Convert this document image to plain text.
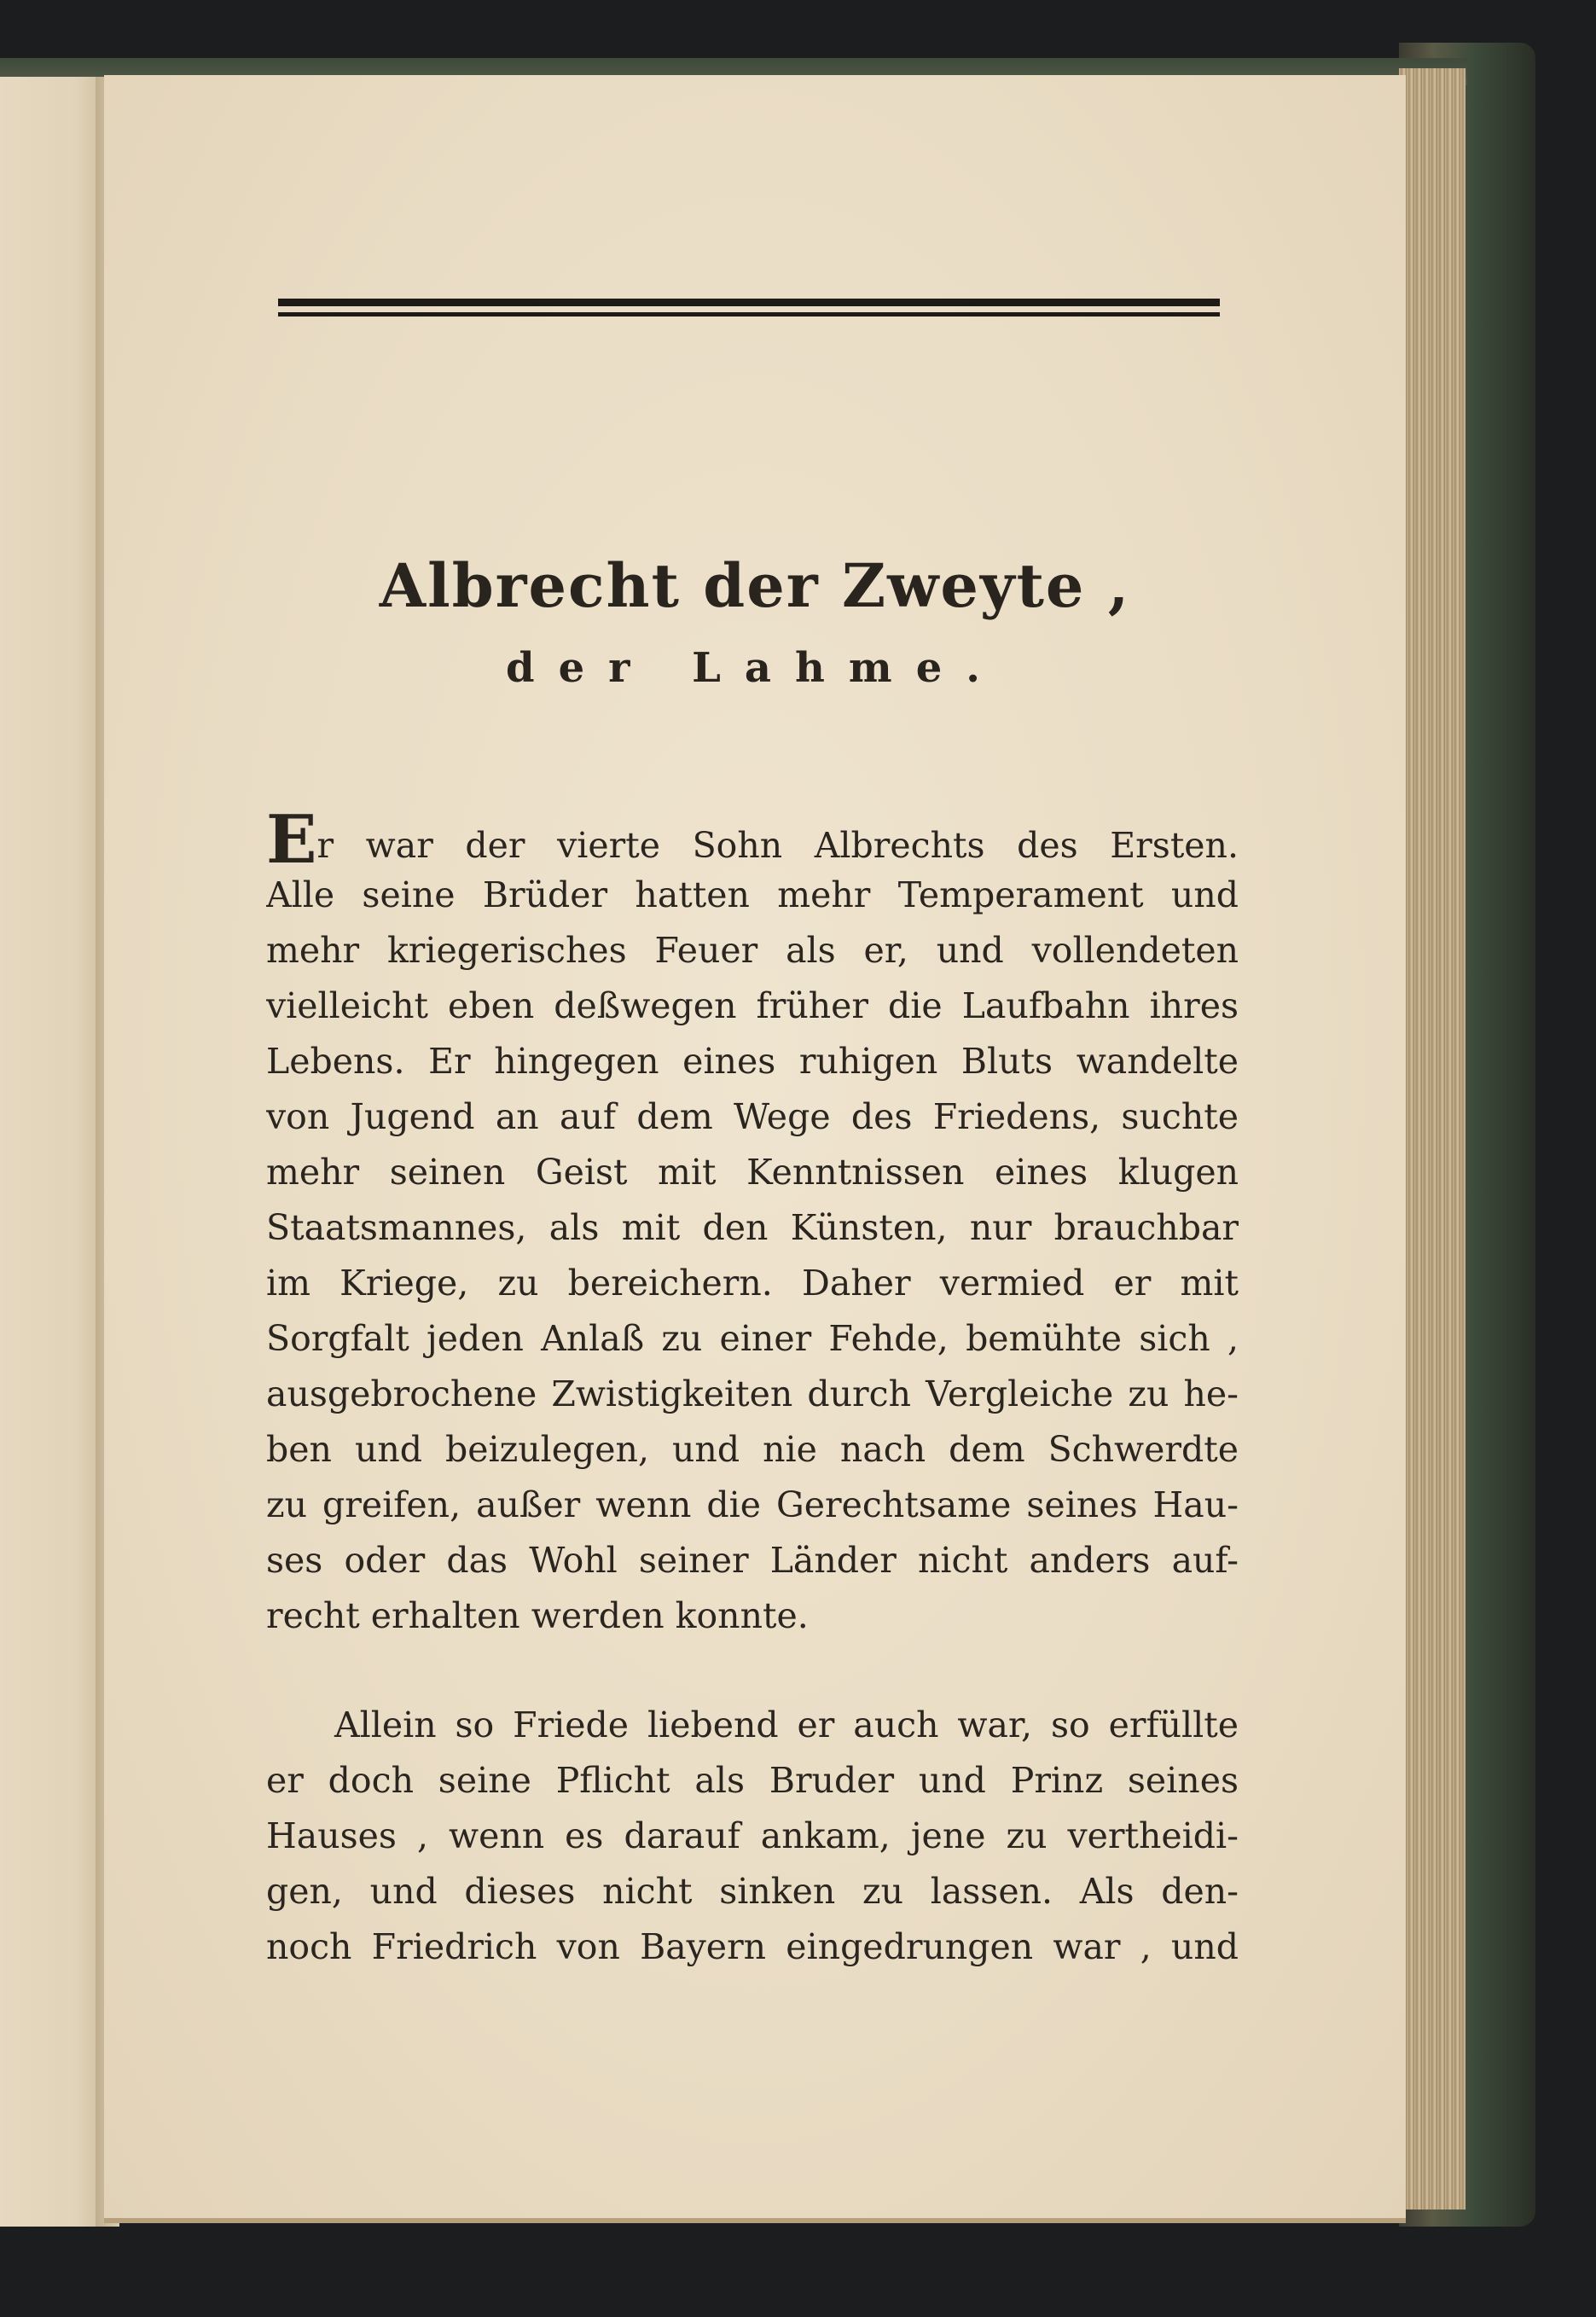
Albrecht der Zweyte ,
der Lahme.
Er war der vierte Sohn Albrechts des Ersten.
Alle seine Brüder hatten mehr Temperament und
mehr kriegerisches Feuer als er, und vollendeten
vielleicht eben deßwegen früher die Laufbahn ihres
Lebens. Er hingegen eines ruhigen Bluts wandelte
von Jugend an auf dem Wege des Friedens, suchte
mehr seinen Geist mit Kenntnissen eines klugen
Staatsmannes, als mit den Künsten, nur brauchbar
im Kriege, zu bereichern. Daher vermied er mit
Sorgfalt jeden Anlaß zu einer Fehde, bemühte sich ,
ausgebrochene Zwistigkeiten durch Vergleiche zu he-
ben und beizulegen, und nie nach dem Schwerdte
zu greifen, außer wenn die Gerechtsame seines Hau-
ses oder das Wohl seiner Länder nicht anders auf-
recht erhalten werden konnte.
Allein so Friede liebend er auch war, so erfüllte
er doch seine Pflicht als Bruder und Prinz seines
Hauses , wenn es darauf ankam, jene zu vertheidi-
gen, und dieses nicht sinken zu lassen. Als den-
noch Friedrich von Bayern eingedrungen war , und
